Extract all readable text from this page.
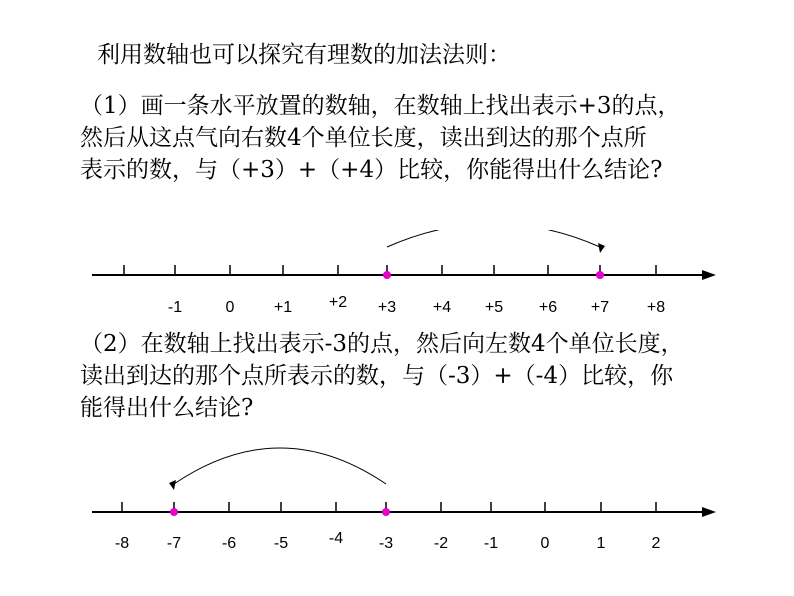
利用数轴也可以探究有理数的加法法则：
（1）画一条水平放置的数轴，在数轴上找出表示+3的点，
然后从这点气向右数4个单位长度，读出到达的那个点所
表示的数，与（+3）+（+4）比较，你能得出什么结论?
-1	0 +1 +2 +3 +4 +5 +6 +7 +8
（2）在数轴上找出表示-3的点，然后向左数4个单位长度，
读出到达的那个点所表示的数，与（-3）+（-4）比较，你
能得出什么结论?
-8 -7	-6 -5	-4 -3	-2 -1	0	1	2
